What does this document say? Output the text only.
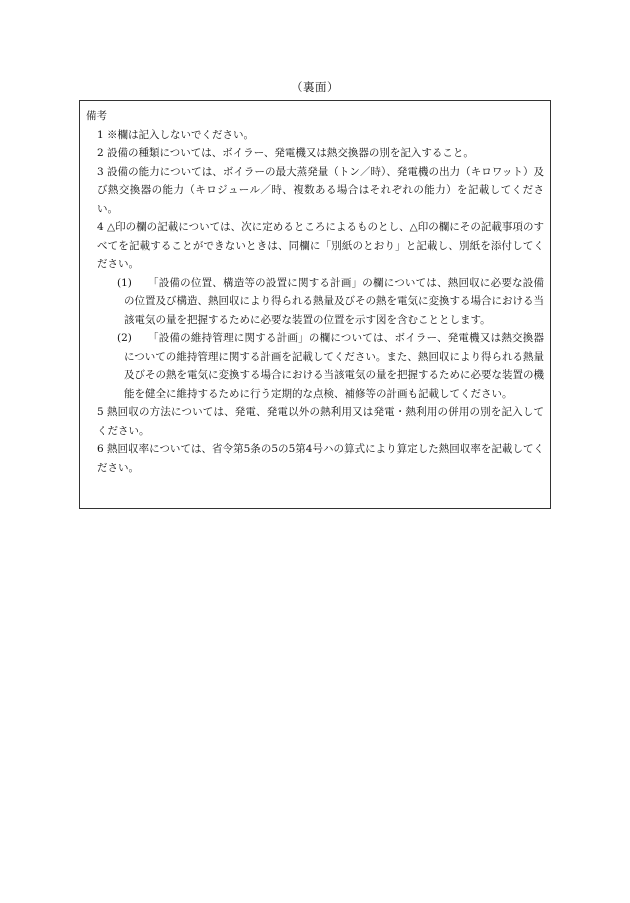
（裏面）

備考

1 ※欄は記入しないでください。

2 設備の種類については、ボイラー、発電機又は熱交換器の別を記入すること。

3 設備の能力については、ボイラーの最大蒸発量（トン／時）、発電機の出力（キロワット）及び熱交換器の能力（キロジュール／時、複数ある場合はそれぞれの能力）を記載してください。

4 △印の欄の記載については、次に定めるところによるものとし、△印の欄にその記載事項のすべてを記載することができないときは、同欄に「別紙のとおり」と記載し、別紙を添付してください。

(1)	「設備の位置、構造等の設置に関する計画」の欄については、熱回収に必要な設備の位置及び構造、熱回収により得られる熱量及びその熱を電気に変換する場合における当該電気の量を把握するために必要な装置の位置を示す図を含むこととします。

(2)	「設備の維持管理に関する計画」の欄については、ボイラー、発電機又は熱交換器についての維持管理に関する計画を記載してください。また、熱回収により得られる熱量及びその熱を電気に変換する場合における当該電気の量を把握するために必要な装置の機能を健全に維持するために行う定期的な点検、補修等の計画も記載してください。

5 熱回収の方法については、発電、発電以外の熱利用又は発電・熱利用の併用の別を記入してください。

6 熱回収率については、省令第5条の5の5第4号ハの算式により算定した熱回収率を記載してください。
